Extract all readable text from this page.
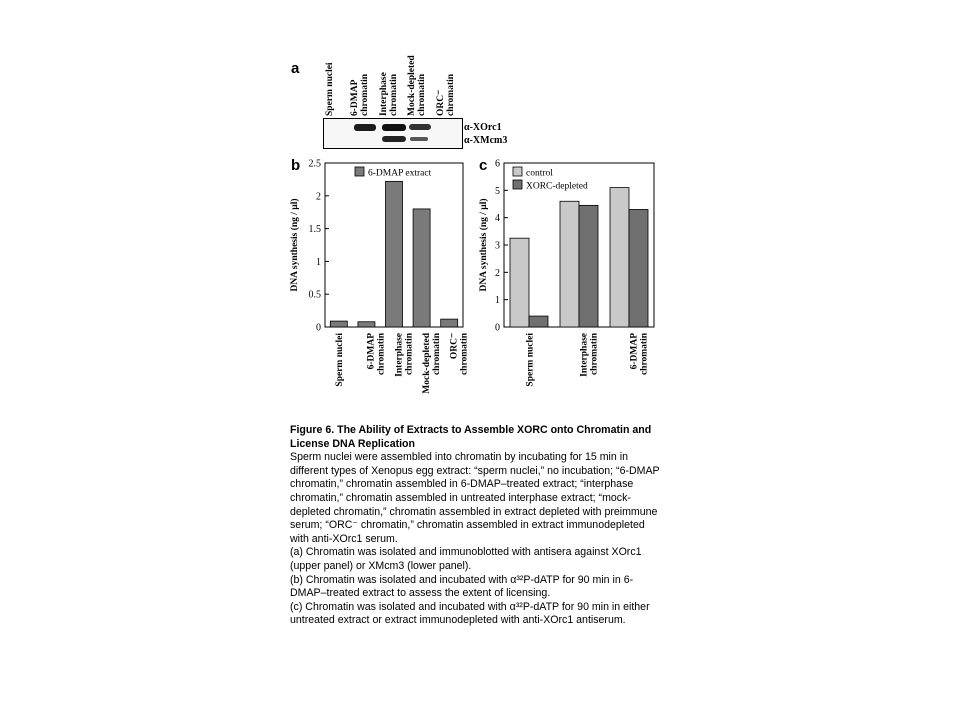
a	Sperm nuclei 6-DMAP
chromatin Interphase
chromatin Mock-depleted
chromatin ORC⁻
chromatin
α-XOrc1
α-XMcm3
b
0
0.5
1
1.5
2
2.5
DNA synthesis (ng / µl)
Sperm nuclei 6-DMAPchromatin Interphasechromatin Mock-depletedchromatin ORC⁻chromatin
6-DMAP extract	c
0
1
2
3
4
5
6
DNA synthesis (ng / µl)
Sperm nuclei	Interphasechromatin	6-DMAPchromatin
control
XORC-depleted
Figure 6. The Ability of Extracts to Assemble XORC onto Chromatin and License DNA Replication
Sperm nuclei were assembled into chromatin by incubating for 15 min in different types of Xenopus egg extract: “sperm nuclei,” no incubation; “6-DMAP chromatin,” chromatin assembled in 6-DMAP–treated extract; “interphase chromatin,” chromatin assembled in untreated interphase extract; “mock-depleted chromatin,” chromatin assembled in extract depleted with preimmune serum; “ORC⁻ chromatin,” chromatin assembled in extract immunodepleted with anti-XOrc1 serum.
(a) Chromatin was isolated and immunoblotted with antisera against XOrc1 (upper panel) or XMcm3 (lower panel).
(b) Chromatin was isolated and incubated with α³²P-dATP for 90 min in 6-DMAP–treated extract to assess the extent of licensing.
(c) Chromatin was isolated and incubated with α³²P-dATP for 90 min in either untreated extract or extract immunodepleted with anti-XOrc1 antiserum.
